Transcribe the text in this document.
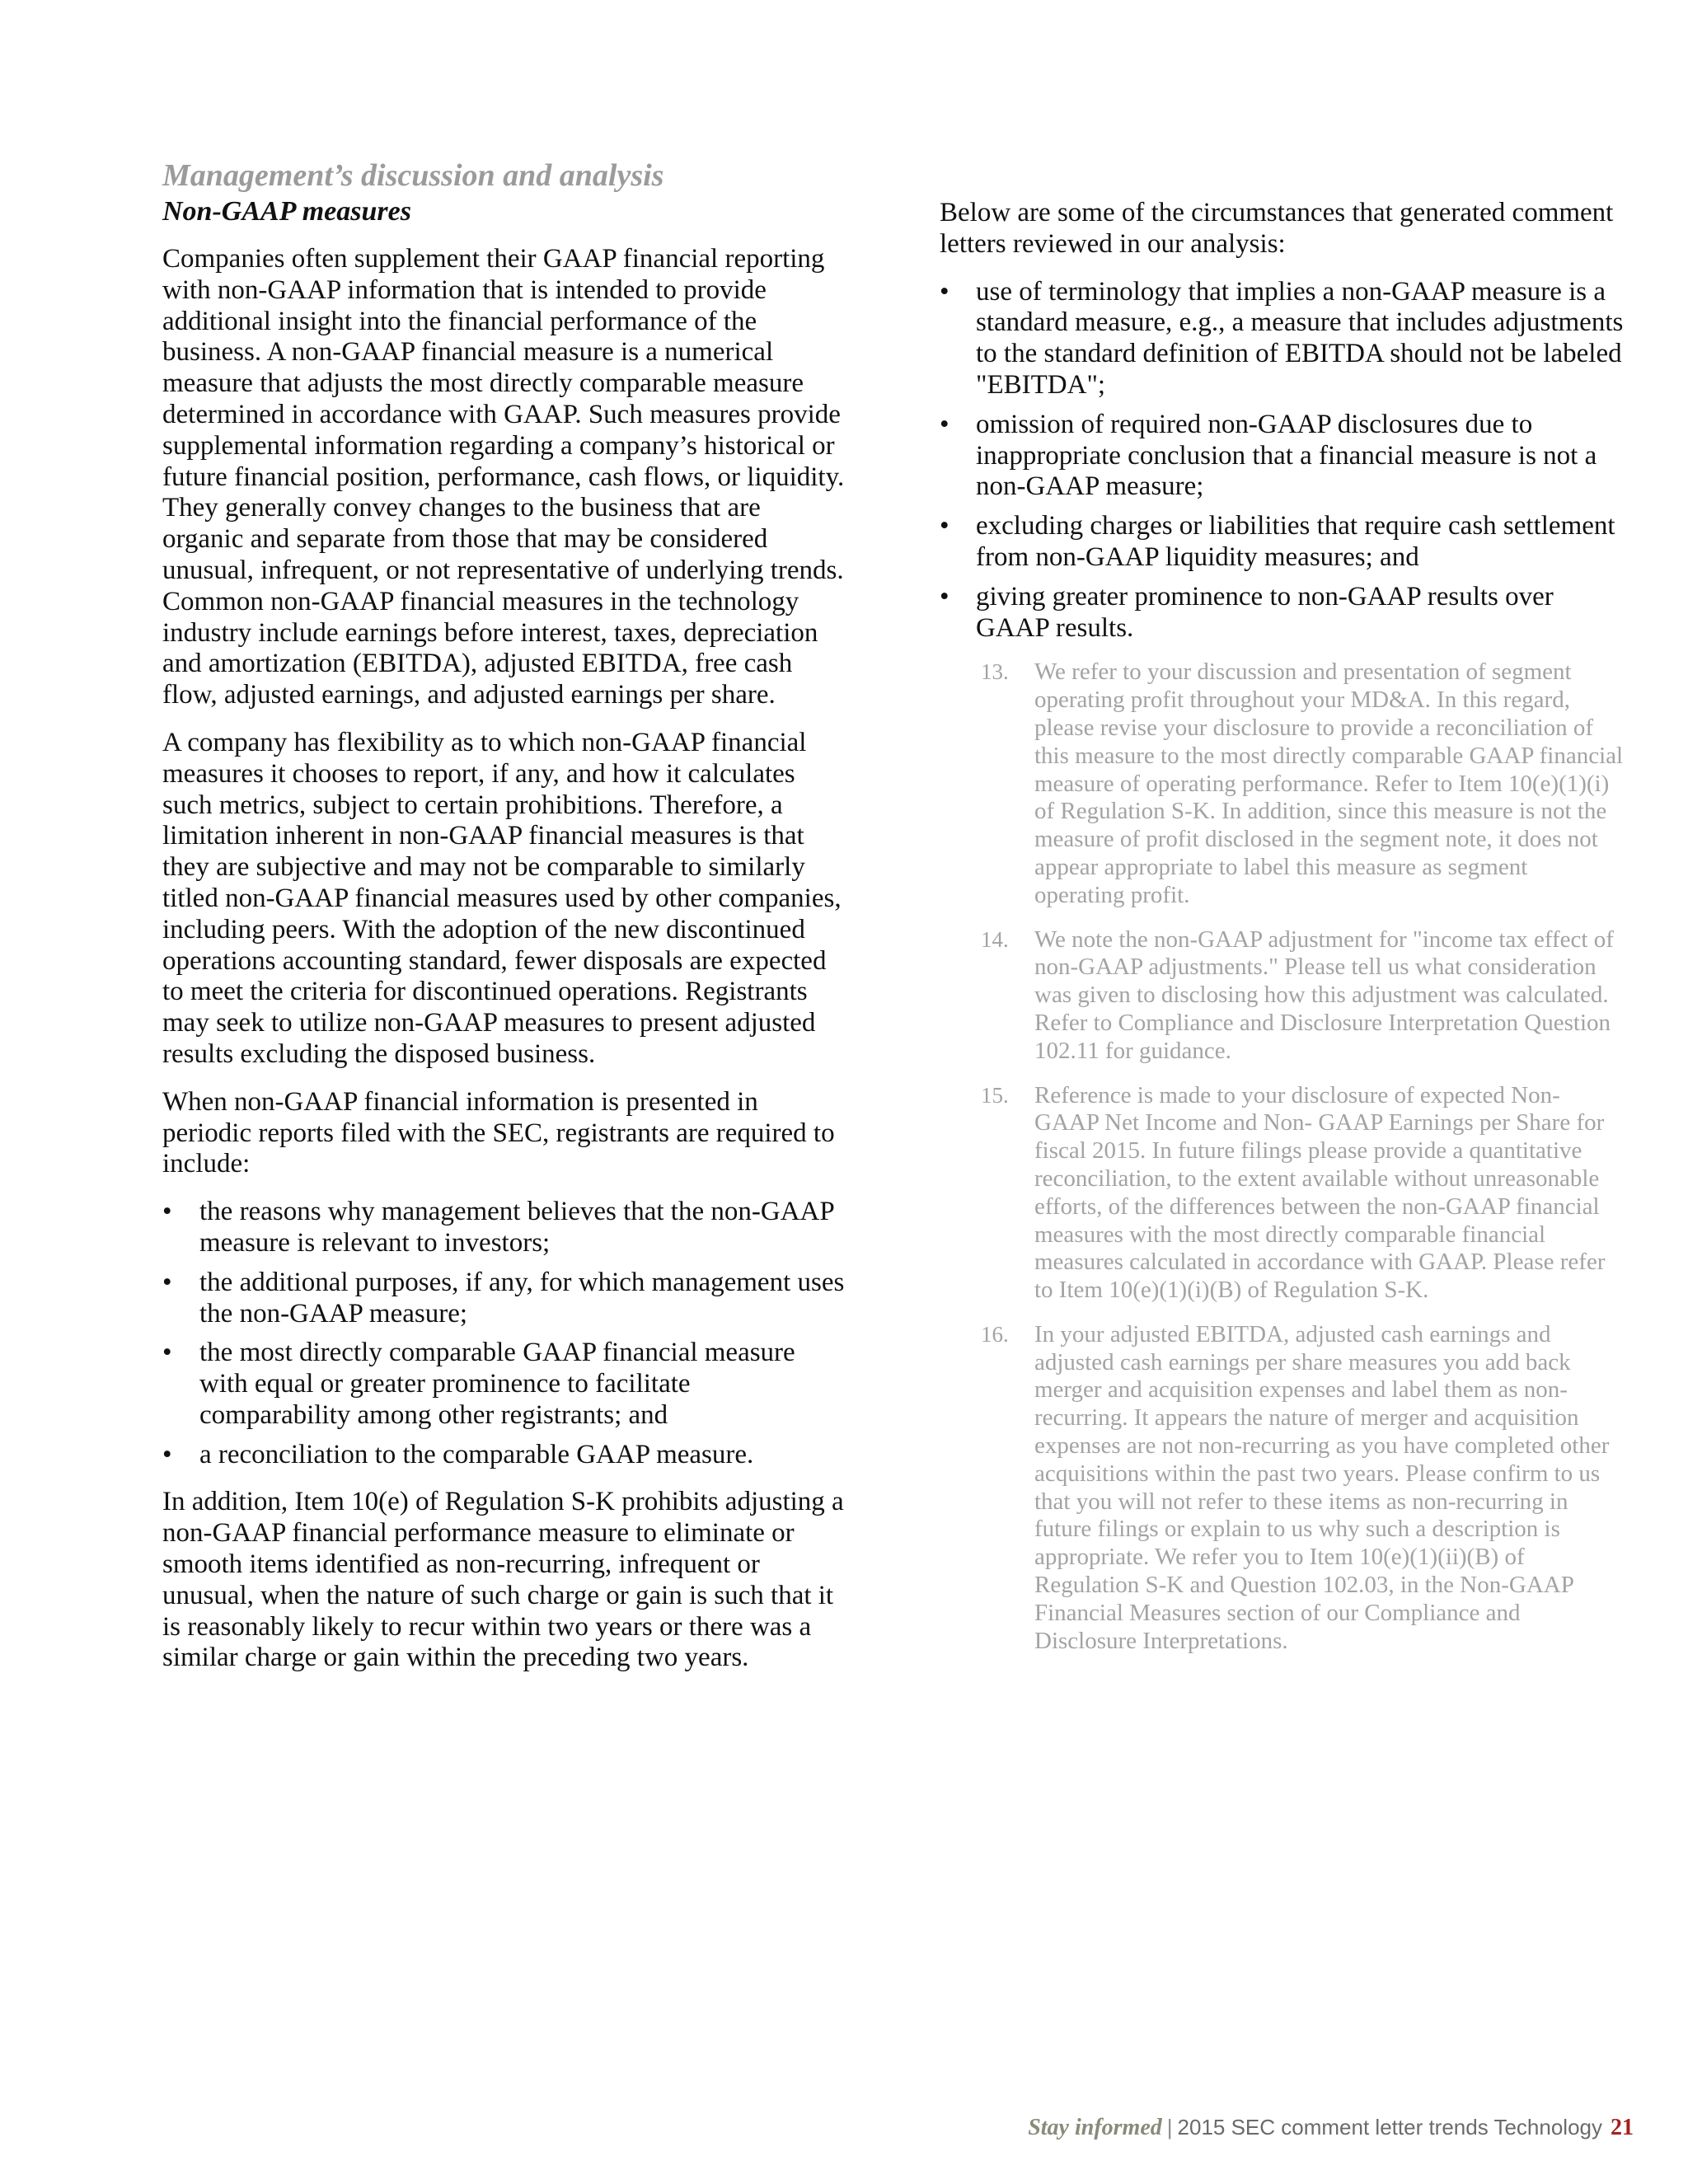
Management’s discussion and analysis
Non-GAAP measures

Companies often supplement their GAAP financial reporting with non-GAAP information that is intended to provide additional insight into the financial performance of the business. A non-GAAP financial measure is a numerical measure that adjusts the most directly comparable measure determined in accordance with GAAP. Such measures provide supplemental information regarding a company’s historical or future financial position, performance, cash flows, or liquidity. They generally convey changes to the business that are organic and separate from those that may be considered unusual, infrequent, or not representative of underlying trends. Common non-GAAP financial measures in the technology industry include earnings before interest, taxes, depreciation and amortization (EBITDA), adjusted EBITDA, free cash flow, adjusted earnings, and adjusted earnings per share.

A company has flexibility as to which non-GAAP financial measures it chooses to report, if any, and how it calculates such metrics, subject to certain prohibitions. Therefore, a limitation inherent in non-GAAP financial measures is that they are subjective and may not be comparable to similarly titled non-GAAP financial measures used by other companies, including peers. With the adoption of the new discontinued operations accounting standard, fewer disposals are expected to meet the criteria for discontinued operations. Registrants may seek to utilize non-GAAP measures to present adjusted results excluding the disposed business.

When non-GAAP financial information is presented in periodic reports filed with the SEC, registrants are required to include:

•	the reasons why management believes that the non-GAAP measure is relevant to investors;
•	the additional purposes, if any, for which management uses the non-GAAP measure;
•	the most directly comparable GAAP financial measure with equal or greater prominence to facilitate comparability among other registrants; and
•	a reconciliation to the comparable GAAP measure.

In addition, Item 10(e) of Regulation S-K prohibits adjusting a non-GAAP financial performance measure to eliminate or smooth items identified as non-recurring, infrequent or unusual, when the nature of such charge or gain is such that it is reasonably likely to recur within two years or there was a similar charge or gain within the preceding two years.

Below are some of the circumstances that generated comment letters reviewed in our analysis:

• use of terminology that implies a non-GAAP measure is a standard measure, e.g., a measure that includes adjustments to the standard definition of EBITDA should not be labeled "EBITDA";
• omission of required non-GAAP disclosures due to inappropriate conclusion that a financial measure is not a non-GAAP measure;
• excluding charges or liabilities that require cash settlement from non-GAAP liquidity measures; and
• giving greater prominence to non-GAAP results over GAAP results.
13.	We refer to your discussion and presentation of segment operating profit throughout your MD&A. In this regard, please revise your disclosure to provide a reconciliation of this measure to the most directly comparable GAAP financial measure of operating performance. Refer to Item 10(e)(1)(i) of Regulation S-K. In addition, since this measure is not the measure of profit disclosed in the segment note, it does not appear appropriate to label this measure as segment operating profit.
14.	We note the non-GAAP adjustment for "income tax effect of non-GAAP adjustments." Please tell us what consideration was given to disclosing how this adjustment was calculated. Refer to Compliance and Disclosure Interpretation Question 102.11 for guidance.
15.	Reference is made to your disclosure of expected Non-GAAP Net Income and Non- GAAP Earnings per Share for fiscal 2015. In future filings please provide a quantitative reconciliation, to the extent available without unreasonable efforts, of the differences between the non-GAAP financial measures with the most directly comparable financial measures calculated in accordance with GAAP. Please refer to Item 10(e)(1)(i)(B) of Regulation S-K.
16.	In your adjusted EBITDA, adjusted cash earnings and adjusted cash earnings per share measures you add back merger and acquisition expenses and label them as non-recurring. It appears the nature of merger and acquisition expenses are not non-recurring as you have completed other acquisitions within the past two years. Please confirm to us that you will not refer to these items as non-recurring in future filings or explain to us why such a description is appropriate. We refer you to Item 10(e)(1)(ii)(B) of Regulation S-K and Question 102.03, in the Non-GAAP Financial Measures section of our Compliance and Disclosure Interpretations.
Stay informed | 2015 SEC comment letter trends Technology 21
